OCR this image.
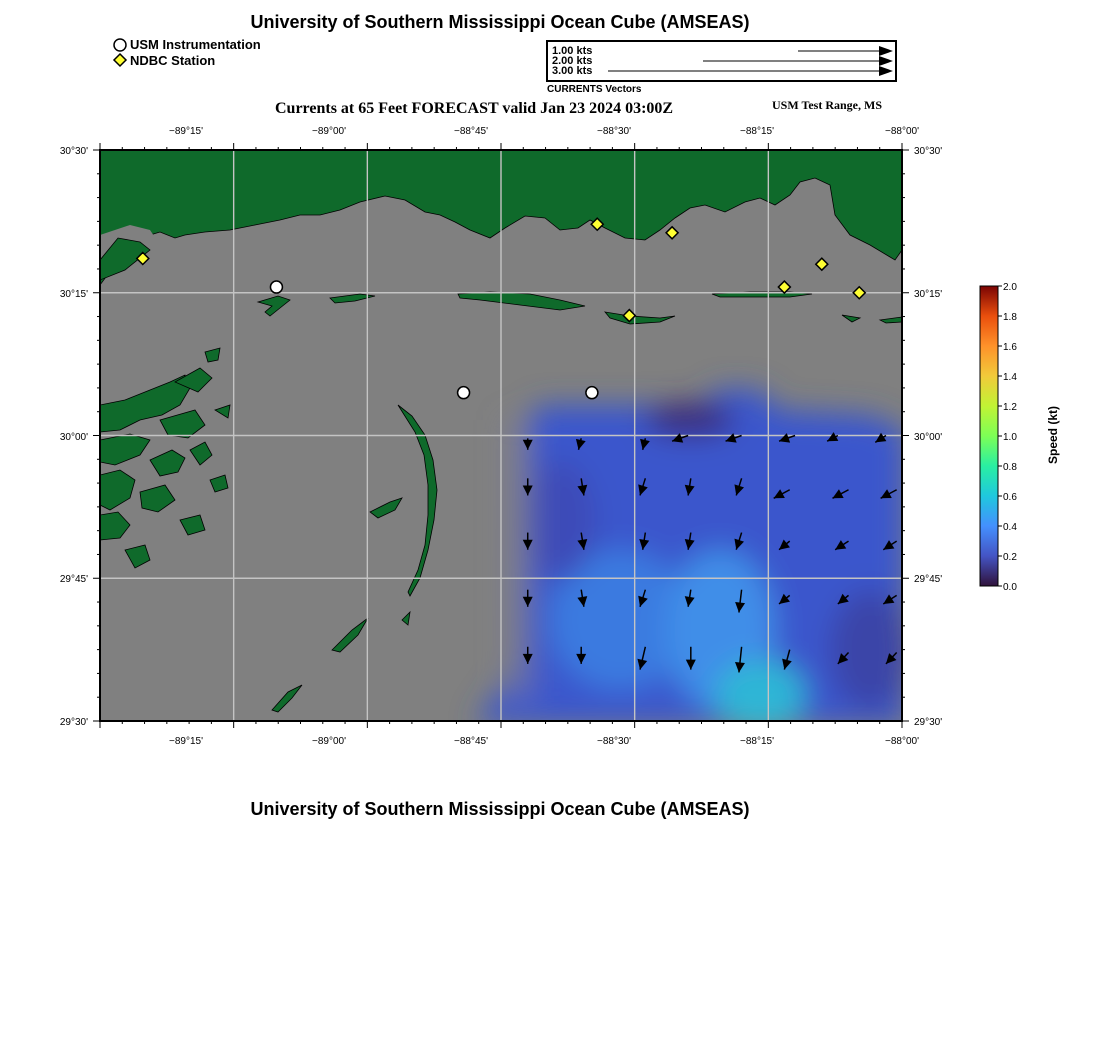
University of Southern Mississippi Ocean Cube (AMSEAS)
USM Instrumentation
NDBC Station
1.00 kts
2.00 kts
3.00 kts
CURRENTS Vectors
Currents at 65 Feet FORECAST valid Jan 23 2024 03:00Z	USM Test Range, MS
−89°15'	−89°00'	−88°45'	−88°30'	−88°15'	−88°00'
−89°15'	−89°00'	−88°45'	−88°30'	−88°15'	−88°00'
30°30'
30°15'
30°00'
29°45'
29°30'
30°30'
30°15'
30°00'
29°45'
29°30'
2.0
1.8
1.6
1.4
1.2
1.0
0.8
0.6
0.4
0.2
0.0
Speed (kt)
University of Southern Mississippi Ocean Cube (AMSEAS)
